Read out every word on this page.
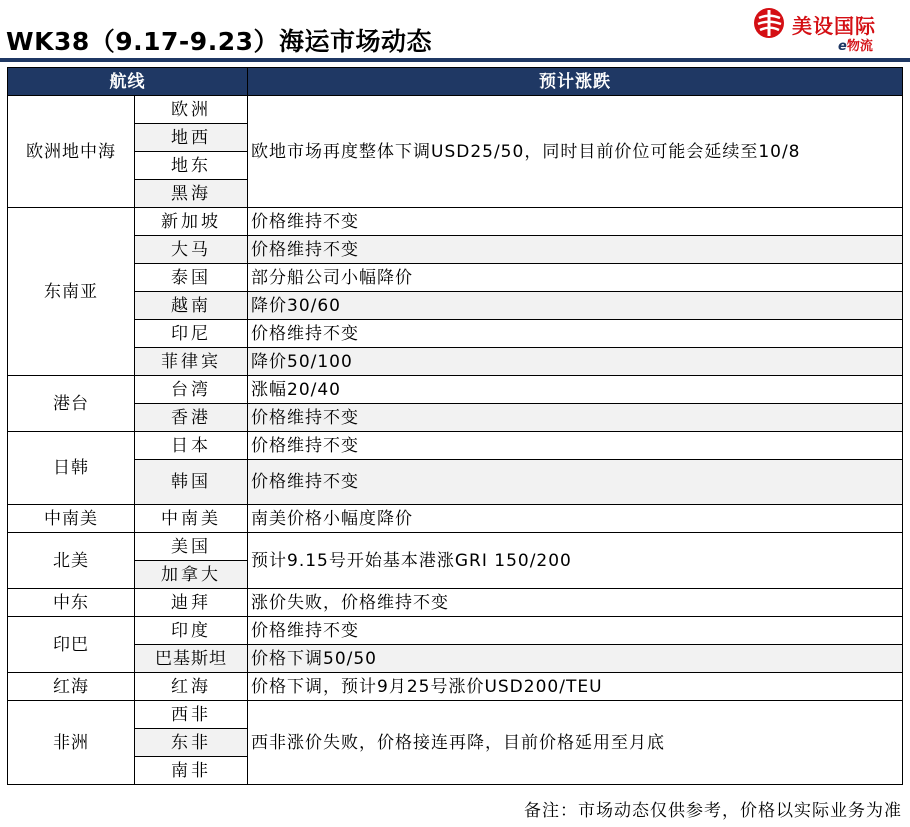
WK38（9.17-9.23）海运市场动态
美设国际
e物流
航线		预计涨跌
欧洲地中海	欧洲	欧地市场再度整体下调USD25/50，同时目前价位可能会延续至10/8
	地西	
	地东	
	黑海	
东南亚	新加坡	价格维持不变
	大马	价格维持不变
	泰国	部分船公司小幅降价
	越南	降价30/60
	印尼	价格维持不变
	菲律宾	降价50/100
港台	台湾	涨幅20/40
	香港	价格维持不变
日韩	日本	价格维持不变
	韩国	价格维持不变
中南美	中南美	南美价格小幅度降价
北美	美国	预计9.15号开始基本港涨GRI 150/200
	加拿大	
中东	迪拜	涨价失败，价格维持不变
印巴	印度	价格维持不变
	巴基斯坦	价格下调50/50
红海	红海	价格下调，预计9月25号涨价USD200/TEU
非洲	西非	西非涨价失败，价格接连再降，目前价格延用至月底
	东非	
	南非	
备注：市场动态仅供参考，价格以实际业务为准
